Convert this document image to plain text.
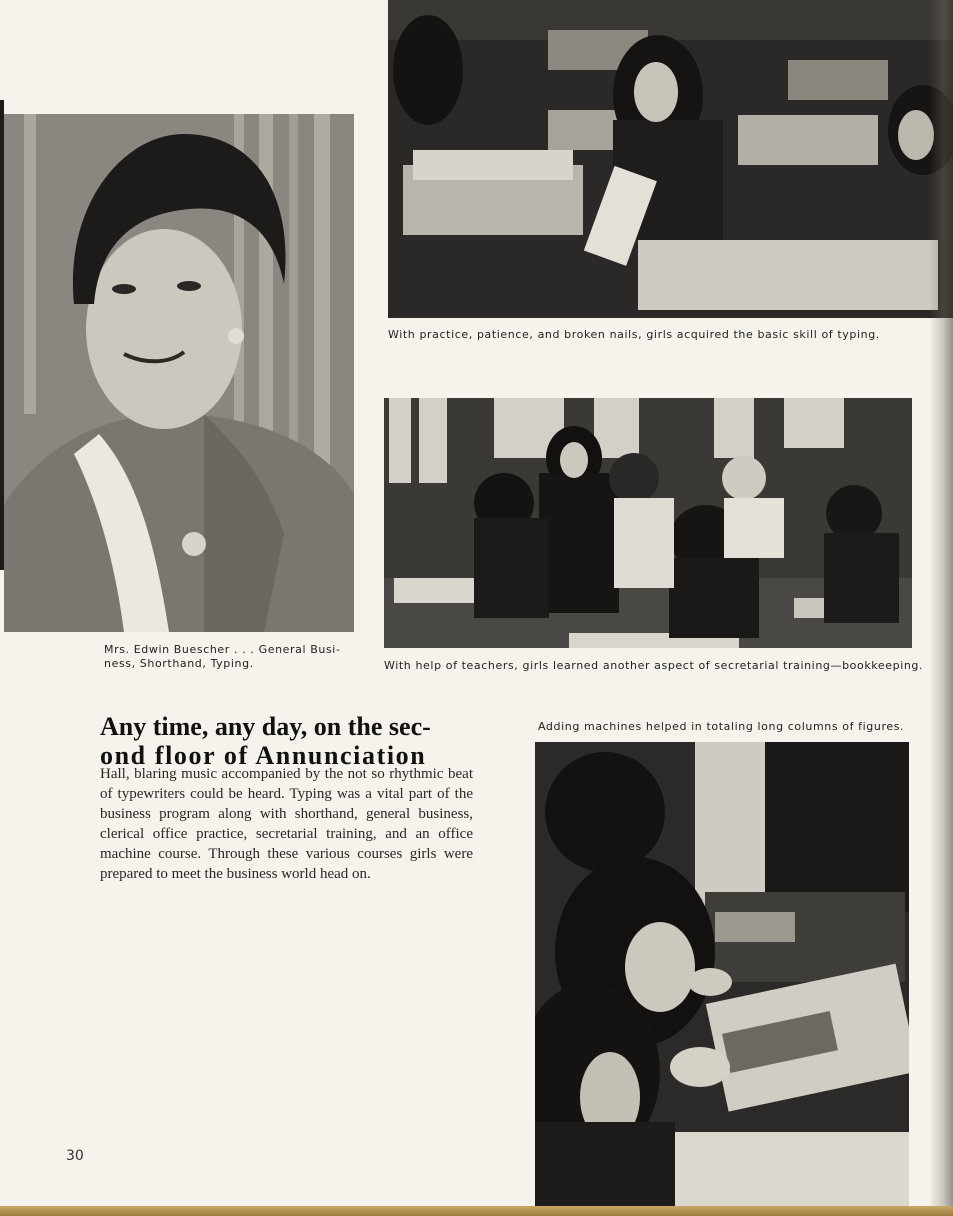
Mrs. Edwin Buescher . . . General Busi-
ness, Shorthand, Typing.
With practice, patience, and broken nails, girls acquired the basic skill of typing.
With help of teachers, girls learned another aspect of secretarial training—bookkeeping.
Any time, any day, on the sec-
ond floor of Annunciation

Hall, blaring music accompanied by the not so rhythmic beat of typewriters could be heard. Typing was a vital part of the business program along with shorthand, general business, clerical office practice, secretarial training, and an office machine course. Through these various courses girls were prepared to meet the business world head on.

Adding machines helped in totaling long columns of figures.
30
